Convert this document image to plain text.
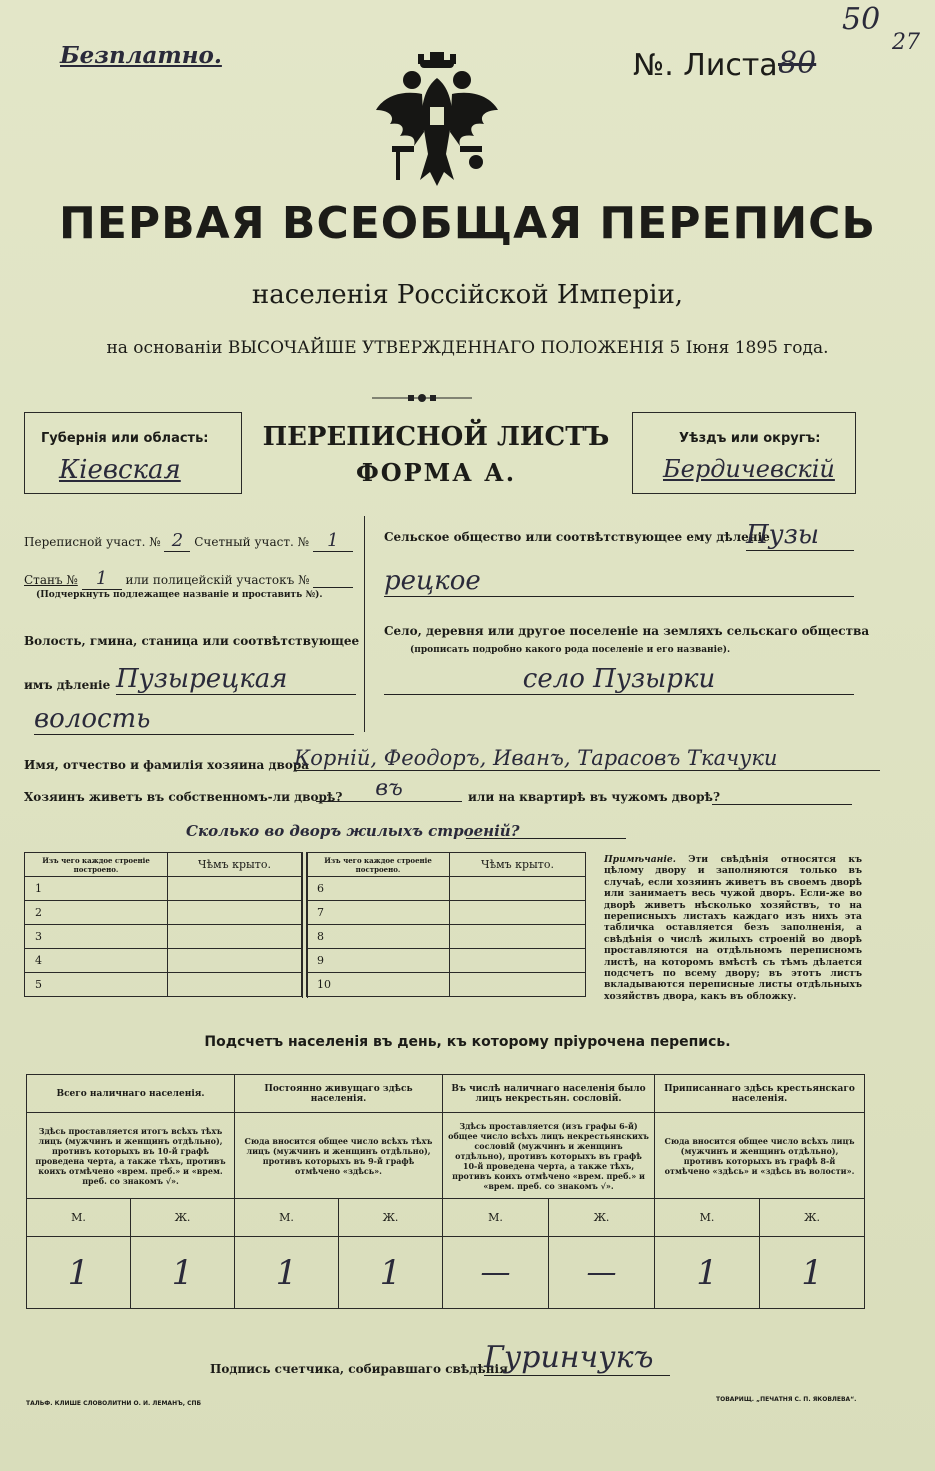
Безплатно.	№. Листа 80
50
27
ПЕРВАЯ ВСЕОБЩАЯ ПЕРЕПИСЬ
населенія Россійской Имперіи,
на основаніи ВЫСОЧАЙШЕ УТВЕРЖДЕННАГО ПОЛОЖЕНІЯ 5 Іюня 1895 года.
Губернія или область:
Кіевская
ПЕРЕПИСНОЙ ЛИСТЪ
ФОРМА А.
Уѣздъ или округъ:
Бердичевскій
Переписной участ. № 2 Счетный участ. № 1
Станъ № 1 или полицейскій участокъ №
(Подчеркнуть подлежащее названіе и проставить №).
Волость, гмина, станица или соотвѣтствующее
имъ дѣленіе Пузырецкая
волость
Сельское общество или соотвѣтствующее ему дѣленіе
Пузы
рецкое
Село, деревня или другое поселеніе на земляхъ сельскаго общества
(прописать подробно какого рода поселеніе и его названіе).
село Пузырки
Имя, отчество и фамилія хозяина двора
Корній, Феодоръ, Иванъ, Тарасовъ Ткачуки
Хозяинъ живетъ въ собственномъ-ли дворѣ?	въ	или на квартирѣ въ чужомъ дворѣ?
Сколько во дворъ жилыхъ строеній?
Изъ чего каждое строеніе построено.	Чѣмъ крыто.
1	
2	
3	
4	
5	
Изъ чего каждое строеніе построено.	Чѣмъ крыто.
6	
7	
8	
9	
10	
Примѣчаніе. Эти свѣдѣнія относятся къ цѣлому двору и заполняются только въ случаѣ, если хозяинъ живетъ въ своемъ дворѣ или занимаетъ весь чужой дворъ. Если-же во дворѣ живетъ нѣсколько хозяйствъ, то на переписныхъ листахъ каждаго изъ нихъ эта табличка оставляется безъ заполненія, а свѣдѣнія о числѣ жилыхъ строеній во дворѣ проставляются на отдѣльномъ переписномъ листѣ, на которомъ вмѣстѣ съ тѣмъ дѣлается подсчетъ по всему двору; въ этотъ листъ вкладываются переписные листы отдѣльныхъ хозяйствъ двора, какъ въ обложку.
Подсчетъ населенія въ день, къ которому пріурочена перепись.
Всего наличнаго населенія.		Постоянно живущаго здѣсь населенія.		Въ числѣ наличнаго населенія было лицъ некрестьян. сословій.		Приписаннаго здѣсь крестьянскаго населенія.	
Здѣсь проставляется итогъ всѣхъ тѣхъ лицъ (мужчинъ и женщинъ отдѣльно), противъ которыхъ въ 10-й графѣ проведена черта, а также тѣхъ, противъ коихъ отмѣчено «врем. преб.» и «врем. преб. со знакомъ √».		Сюда вносится общее число всѣхъ тѣхъ лицъ (мужчинъ и женщинъ отдѣльно), противъ которыхъ въ 9-й графѣ отмѣчено «здѣсь».		Здѣсь проставляется (изъ графы 6-й) общее число всѣхъ лицъ некрестьянскихъ сословій (мужчинъ и женщинъ отдѣльно), противъ которыхъ въ графѣ 10-й проведена черта, а также тѣхъ, противъ коихъ отмѣчено «врем. преб.» и «врем. преб. со знакомъ √».		Сюда вносится общее число всѣхъ лицъ (мужчинъ и женщинъ отдѣльно), противъ которыхъ въ графѣ 8-й отмѣчено «здѣсь» и «здѣсь въ волости».	
М.	Ж.	М.	Ж.	М.	Ж.	М.	Ж.
1	1	1	1	—	—	1	1
Подпись счетчика, собиравшаго свѣдѣнія
Гуринчукъ
ТАЛЬФ. КЛИШЕ СЛОВОЛИТНИ О. И. ЛЕМАНЪ, СПБ
ТОВАРИЩ. „ПЕЧАТНЯ С. П. ЯКОВЛЕВА“.
